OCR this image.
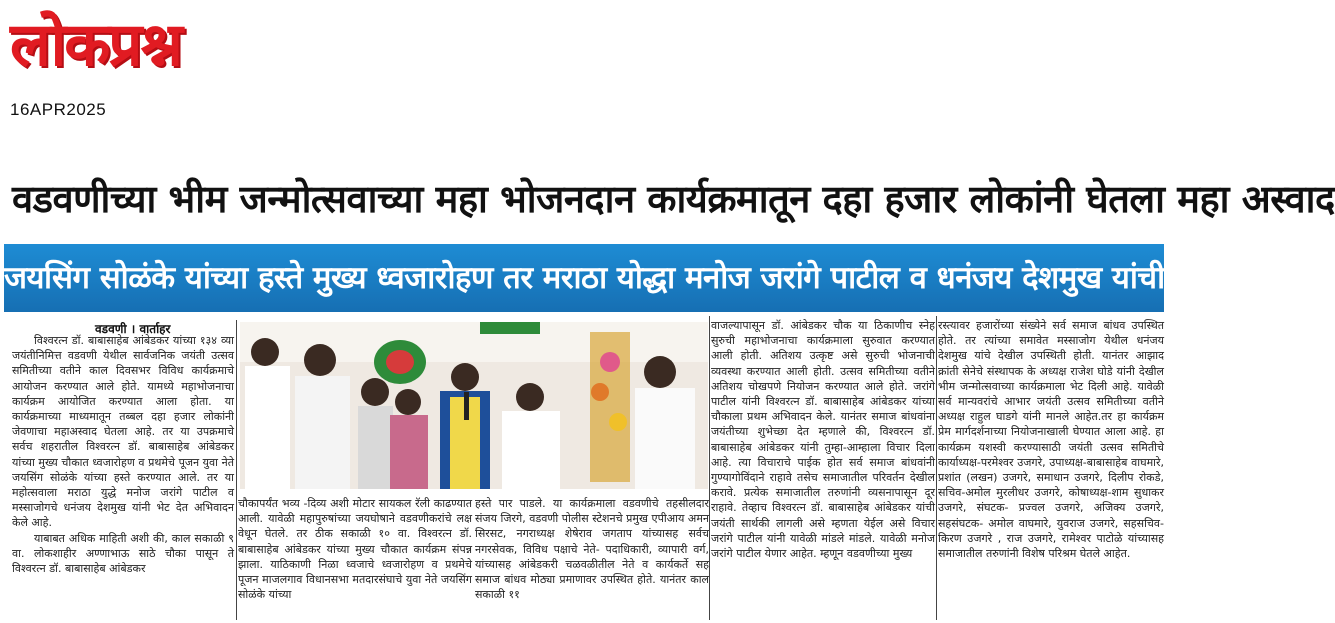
लोकप्रश्न
16APR2025
वडवणीच्या भीम जन्मोत्सवाच्या महा भोजनदान कार्यक्रमातून दहा हजार लोकांनी घेतला महा अस्वाद
जयसिंग सोळंके यांच्या हस्ते मुख्य ध्वजारोहण तर मराठा योद्धा मनोज जरांगे पाटील व धनंजय देशमुख यांची भेट
वडवणी । वार्ताहर

विश्वरत्न डॉ. बाबासाहेब आंबेडकर यांच्या १३४ व्या जयंतीनिमित्त वडवणी येथील सार्वजनिक जयंती उत्सव समितीच्या वतीने काल दिवसभर विविध कार्यक्रमाचे आयोजन करण्यात आले होते. यामध्ये महाभोजनाचा कार्यक्रम आयोजित करण्यात आला होता. या कार्यक्रमाच्या माध्यमातून तब्बल दहा हजार लोकांनी जेवणाचा महाअस्वाद घेतला आहे. तर या उपक्रमाचे सर्वच शहरातील विश्वरत्न डॉ. बाबासाहेब आंबेडकर यांच्या मुख्य चौकात ध्वजारोहण व प्रथमेचे पूजन युवा नेते जयसिंग सोळंके यांच्या हस्ते करण्यात आले. तर या महोत्सवाला मराठा युद्धे मनोज जरांगे पाटील व मस्साजोगचे धनंजय देशमुख यांनी भेट देत अभिवादन केले आहे.

याबाबत अधिक माहिती अशी की, काल सकाळी ९ वा. लोकशाहीर अण्णाभाऊ साठे चौका पासून ते विश्वरत्न डॉ. बाबासाहेब आंबेडकर

चौकापर्यंत भव्य -दिव्य अशी मोटार सायकल रॅली काढण्यात आली. यावेळी महापुरुषांच्या जयघोषाने वडवणीकरांचे लक्ष वेधून घेतले. तर ठीक सकाळी १० वा. विश्वरत्न डॉ. बाबासाहेब आंबेडकर यांच्या मुख्य चौकात कार्यक्रम संपन्न झाला. याठिकाणी निळा ध्वजाचे ध्वजारोहण व प्रथमेचे पूजन माजलगाव विधानसभा मतदारसंघाचे युवा नेते जयसिंग सोळंके यांच्या

हस्ते पार पाडले. या कार्यक्रमाला वडवणीचे तहसीलदार संजय जिरगे, वडवणी पोलीस स्टेशनचे प्रमुख एपीआय अमन सिरसट, नगराध्यक्ष शेषेराव जगताप यांच्यासह सर्वच नगरसेवक, विविध पक्षाचे नेते- पदाधिकारी, व्यापारी वर्ग, यांच्यासह आंबेडकरी चळवळीतील नेते व कार्यकर्ते सह समाज बांधव मोठ्या प्रमाणावर उपस्थित होते. यानंतर काल सकाळी ११

वाजल्यापासून डॉ. आंबेडकर चौक या ठिकाणीच स्नेह सुरुची महाभोजनाचा कार्यक्रमाला सुरुवात करण्यात आली होती. अतिशय उत्कृष्ट असे सुरुची भोजनाची व्यवस्था करण्यात आली होती. उत्सव समितीच्या वतीने अतिशय चोखपणे नियोजन करण्यात आले होते. जरांगे पाटील यांनी विश्वरत्न डॉ. बाबासाहेब आंबेडकर यांच्या चौकाला प्रथम अभिवादन केले. यानंतर समाज बांधवांना जयंतीच्या शुभेच्छा देत म्हणाले की, विश्वरत्न डॉ. बाबासाहेब आंबेडकर यांनी तुम्हा-आम्हाला विचार दिला आहे. त्या विचाराचे पाईक होत सर्व समाज बांधवांनी गुण्यागोविंदाने राहावे तसेच समाजातील परिवर्तन देखील करावे. प्रत्येक समाजातील तरुणांनी व्यसनापासून दूर राहावे. तेव्हाच विश्वरत्न डॉ. बाबासाहेब आंबेडकर यांची जयंती सार्थकी लागली असे म्हणता येईल असे विचार जरांगे पाटील यांनी यावेळी मांडले मांडले. यावेळी मनोज जरांगे पाटील येणार आहेत. म्हणून वडवणीच्या मुख्य

रस्त्यावर हजारोंच्या संख्येने सर्व समाज बांधव उपस्थित होते. तर त्यांच्या समावेत मस्साजोग येथील धनंजय देशमुख यांचे देखील उपस्थिती होती. यानंतर आझाद क्रांती सेनेचे संस्थापक के अध्यक्ष राजेश घोडे यांनी देखील भीम जन्मोत्सवाच्या कार्यक्रमाला भेट दिली आहे. यावेळी सर्व मान्यवरांचे आभार जयंती उत्सव समितीच्या वतीने अध्यक्ष राहुल घाडगे यांनी मानले आहेत.तर हा कार्यक्रम प्रेम मार्गदर्शनाच्या नियोजनाखाली घेण्यात आला आहे. हा कार्यक्रम यशस्वी करण्यासाठी जयंती उत्सव समितीचे कार्याध्यक्ष-परमेश्वर उजगरे, उपाध्यक्ष-बाबासाहेब वाघमारे, प्रशांत (लखन) उजगरे, समाधान उजगरे, दिलीप रोकडे, सचिव-अमोल मुरलीधर उजगरे, कोषाध्यक्ष-शाम सुधाकर उजगरे, संघटक- प्रज्वल उजगरे, अजिक्य उजगरे, सहसंघटक- अमोल वाघमारे, युवराज उजगरे, सहसचिव-किरण उजगरे , राज उजगरे, रामेश्वर पाटोळे यांच्यासह समाजातील तरुणांनी विशेष परिश्रम घेतले आहेत.
